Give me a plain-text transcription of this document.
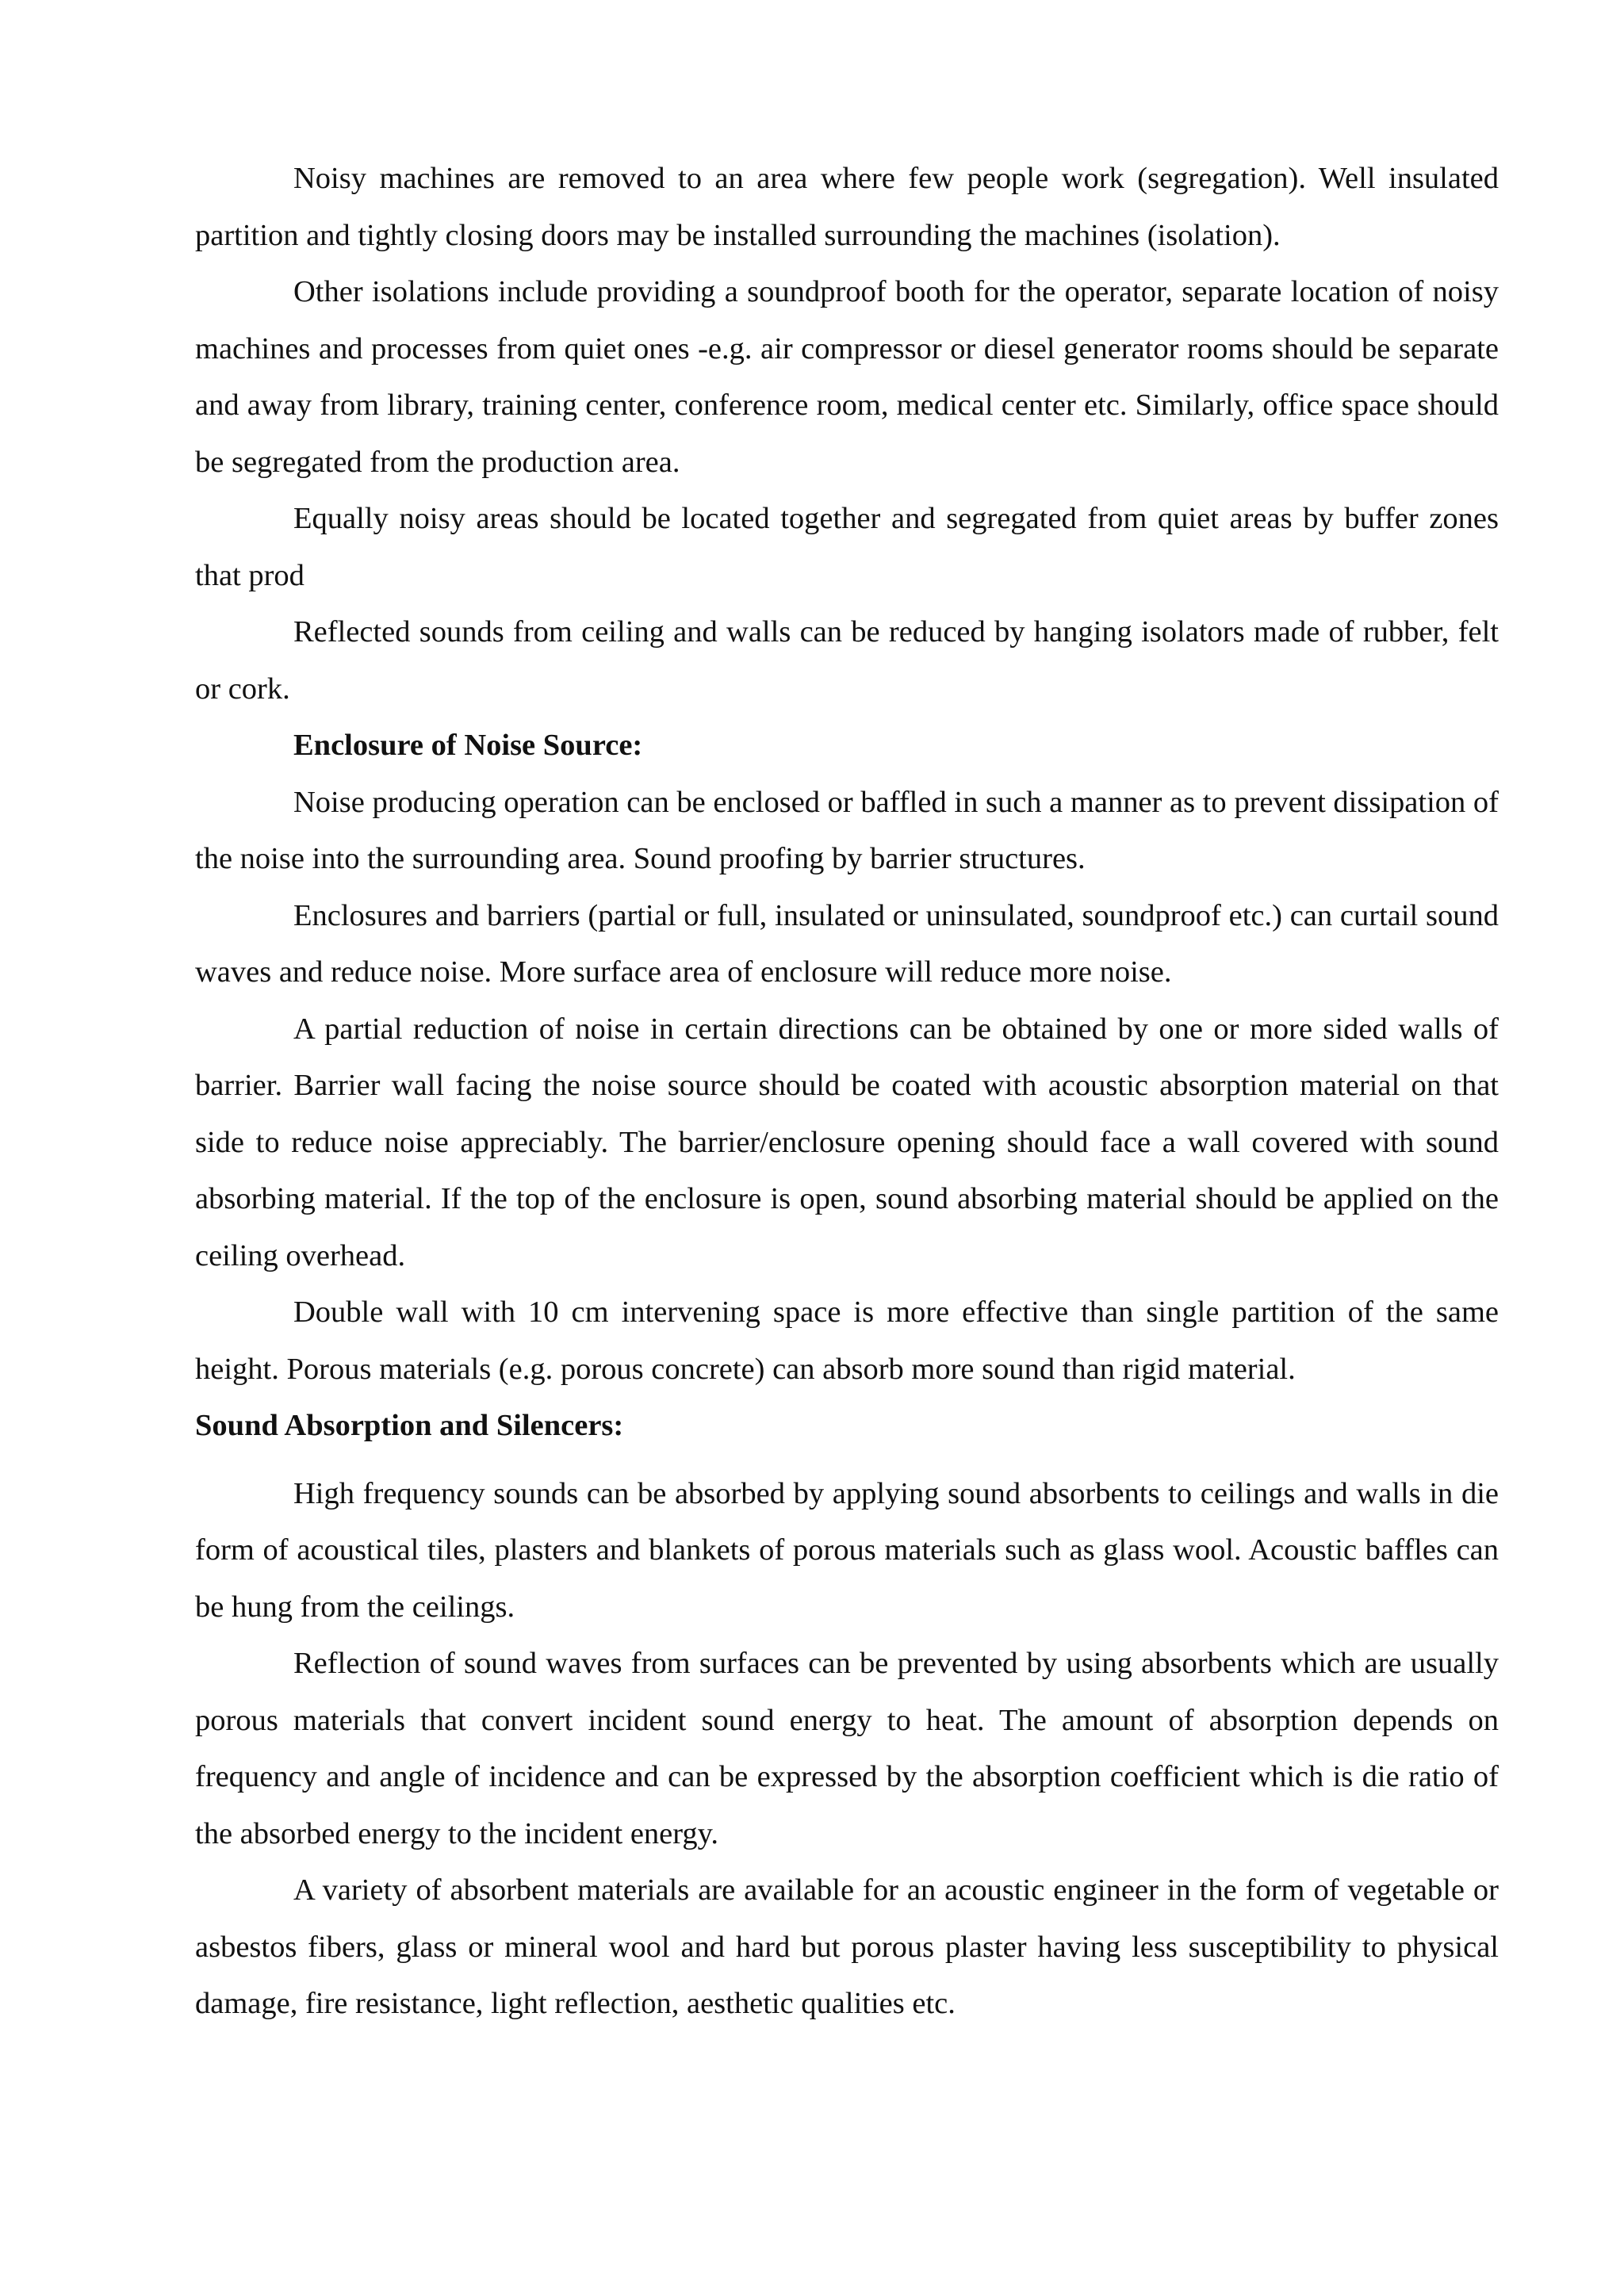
Noisy machines are removed to an area where few people work (segregation). Well insulated partition and tightly closing doors may be installed surrounding the machines (isolation).

Other isolations include providing a soundproof booth for the operator, separate location of noisy machines and processes from quiet ones -e.g. air compressor or diesel generator rooms should be separate and away from library, training center, conference room, medical center etc. Similarly, office space should be segregated from the production area.

Equally noisy areas should be located together and segregated from quiet areas by buffer zones that prod

Reflected sounds from ceiling and walls can be reduced by hanging isolators made of rubber, felt or cork.

Enclosure of Noise Source:

Noise producing operation can be enclosed or baffled in such a manner as to prevent dissipation of the noise into the surrounding area. Sound proofing by barrier structures.

Enclosures and barriers (partial or full, insulated or uninsulated, soundproof etc.) can curtail sound waves and reduce noise. More surface area of enclosure will reduce more noise.

A partial reduction of noise in certain directions can be obtained by one or more sided walls of barrier. Barrier wall facing the noise source should be coated with acoustic absorption material on that side to reduce noise appreciably. The barrier/enclosure opening should face a wall covered with sound absorbing material. If the top of the enclosure is open, sound absorbing material should be applied on the ceiling overhead.

Double wall with 10 cm intervening space is more effective than single partition of the same height. Porous materials (e.g. porous concrete) can absorb more sound than rigid material.

Sound Absorption and Silencers:

High frequency sounds can be absorbed by applying sound absorbents to ceilings and walls in die form of acoustical tiles, plasters and blankets of porous materials such as glass wool. Acoustic baffles can be hung from the ceilings.

Reflection of sound waves from surfaces can be prevented by using absorbents which are usually porous materials that convert incident sound energy to heat. The amount of absorption depends on frequency and angle of incidence and can be expressed by the absorption coefficient which is die ratio of the absorbed energy to the incident energy.

A variety of absorbent materials are available for an acoustic engineer in the form of vegetable or asbestos fibers, glass or mineral wool and hard but porous plaster having less susceptibility to physical damage, fire resistance, light reflection, aesthetic qualities etc.
